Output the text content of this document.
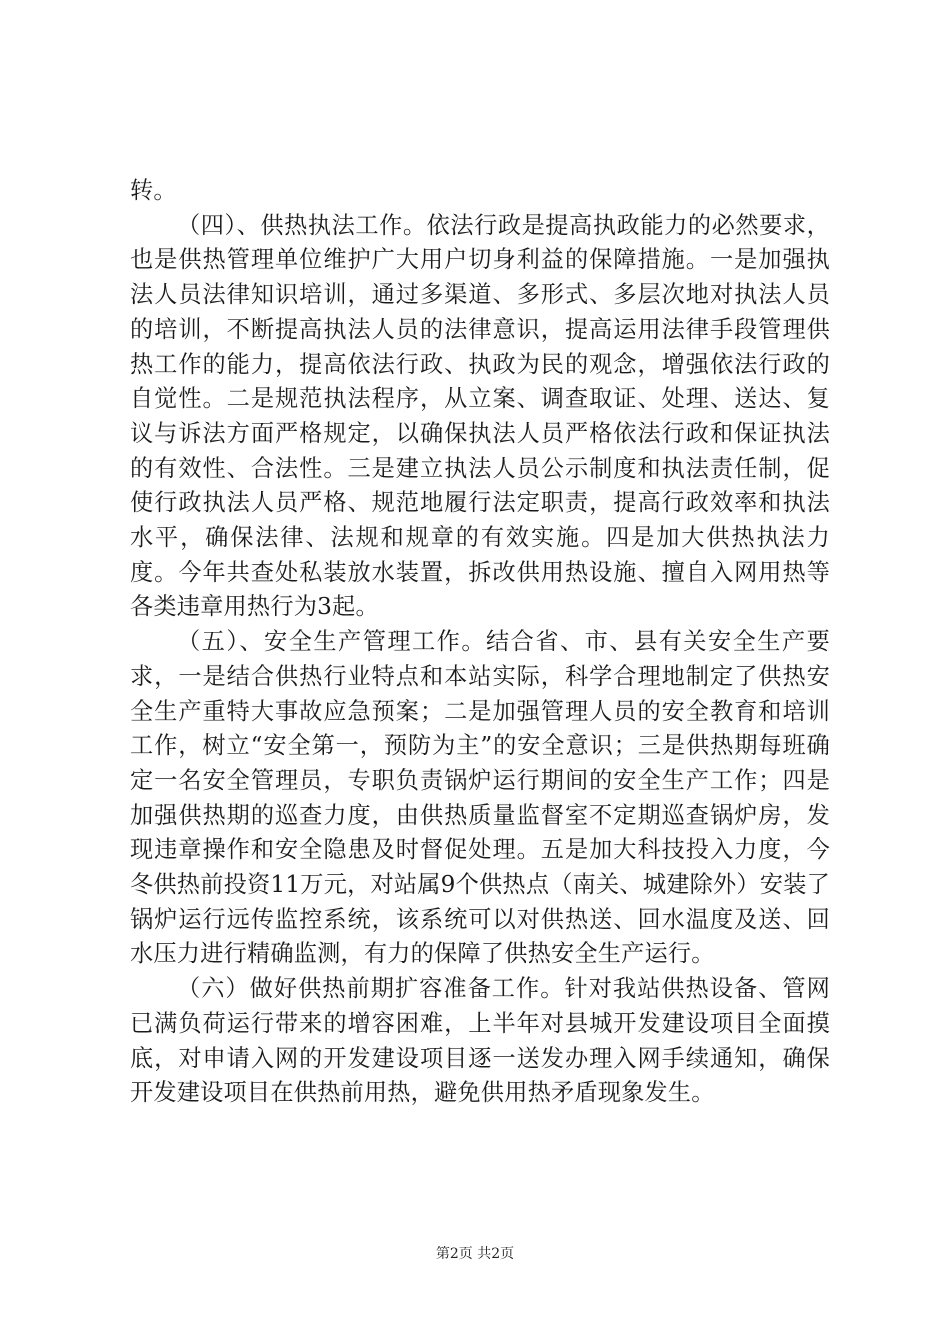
转。

（四）、供热执法工作。依法行政是提高执政能力的必然要求，也是供热管理单位维护广大用户切身利益的保障措施。一是加强执法人员法律知识培训，通过多渠道、多形式、多层次地对执法人员的培训，不断提高执法人员的法律意识，提高运用法律手段管理供热工作的能力，提高依法行政、执政为民的观念，增强依法行政的自觉性。二是规范执法程序，从立案、调查取证、处理、送达、复议与诉法方面严格规定，以确保执法人员严格依法行政和保证执法的有效性、合法性。三是建立执法人员公示制度和执法责任制，促使行政执法人员严格、规范地履行法定职责，提高行政效率和执法水平，确保法律、法规和规章的有效实施。四是加大供热执法力度。今年共查处私装放水装置，拆改供用热设施、擅自入网用热等各类违章用热行为3起。

（五）、安全生产管理工作。结合省、市、县有关安全生产要求，一是结合供热行业特点和本站实际，科学合理地制定了供热安全生产重特大事故应急预案；二是加强管理人员的安全教育和培训工作，树立“安全第一，预防为主”的安全意识；三是供热期每班确定一名安全管理员，专职负责锅炉运行期间的安全生产工作；四是加强供热期的巡查力度，由供热质量监督室不定期巡查锅炉房，发现违章操作和安全隐患及时督促处理。五是加大科技投入力度，今冬供热前投资11万元，对站属9个供热点（南关、城建除外）安装了锅炉运行远传监控系统，该系统可以对供热送、回水温度及送、回水压力进行精确监测，有力的保障了供热安全生产运行。

（六）做好供热前期扩容准备工作。针对我站供热设备、管网已满负荷运行带来的增容困难，上半年对县城开发建设项目全面摸底，对申请入网的开发建设项目逐一送发办理入网手续通知，确保开发建设项目在供热前用热，避免供用热矛盾现象发生。

第2页 共2页
